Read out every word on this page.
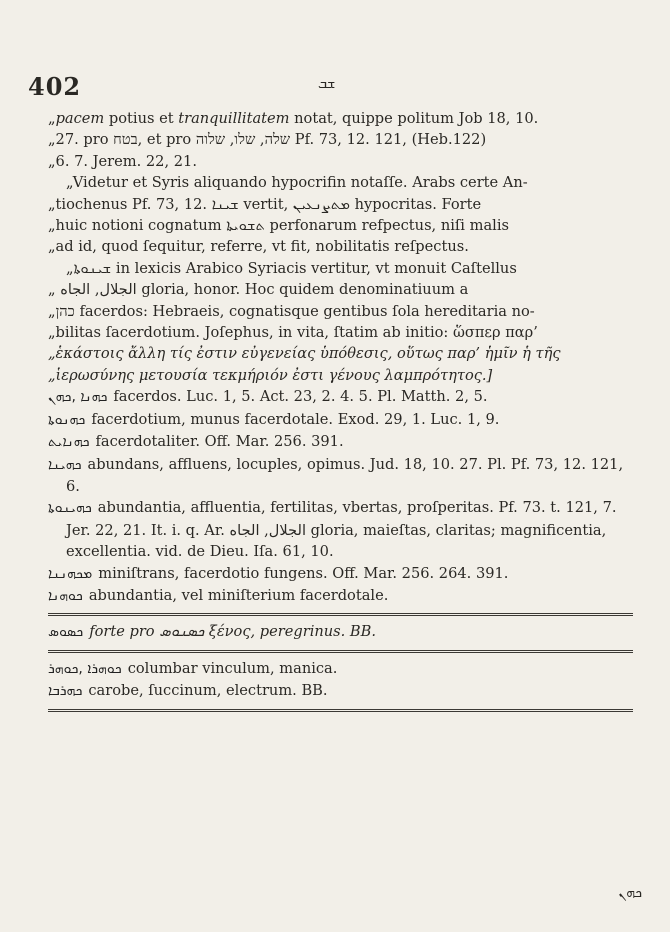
402	ܫܒ

„pacem potius et tranquillitatem notat, quippe politum Job 18, 10.

„27. pro בטח, et pro שלה, שלו, שלוה Pf. 73, 12. 121, (Heb.122)

„6. 7. Jerem. 22, 21.

„Videtur et Syris aliquando hypocrifin notaſſe. Arabs certe An-

„tiochenus Pf. 73, 12. ܫܝܢܐ vertit, ܡܬܨܢܥܝܢ hypocritas. Forte

„huic notioni cognatum ܬܫܘܝܬܐ perfonarum refpectus, niſi malis

„ad id, quod ſequitur, referre, vt fit, nobilitatis reſpectus.

„ܫܝܢܘܬܐ in lexicis Arabico Syriacis vertitur, vt monuit Caſtellus

„ الجلال, الجاه gloria, honor. Hoc quidem denominatiuum a

„כהן facerdos: Hebraeis, cognatisque gentibus ſola hereditaria no-

„bilitas ſacerdotium. Joſephus, in vita, ſtatim ab initio: ὥσπερ παρ’

„ἑκάστοις ἄλλη τίς ἐστιν εὐγενείας ὑπόθεσις, οὕτως παρ’ ἡμῖν ἡ τῆς

„ἱερωσύνης μετουσία τεκμήριόν ἐστι γένους λαμπρότητος.]

ܟܗܢܐ ,ܟܗܢ facerdos. Luc. 1, 5. Act. 23, 2. 4. 5. Pl. Matth. 2, 5.

ܟܗܢܘܬܐ facerdotium, munus facerdotale. Exod. 29, 1. Luc. 1, 9.

ܟܗܢܐܝܬ facerdotaliter. Off. Mar. 256. 391.

ܟܗܝܢܐ abundans, affluens, locuples, opimus. Jud. 18, 10. 27. Pl. Pf. 73, 12. 121, 6.

ܟܗܝܢܘܬܐ abundantia, affluentia, fertilitas, vbertas, proſperitas. Pf. 73. t. 121, 7. Jer. 22, 21. It. i. q. Ar. الجلال, الجاه gloria, maieſtas, claritas; magnificentia, excellentia. vid. de Dieu. Iſa. 61, 10.

ܡܟܗܢܢܐ miniſtrans, facerdotio fungens. Off. Mar. 256. 264. 391.

ܟܘܗܢܐ abundantia, vel miniſterium facerdotale.

ܟܣܘܣ forte pro ܟܣܢܘܣ ξένος, peregrinus. BB.

ܟܘܗܪܐ ,ܟܘܗܪ columbar vinculum, manica.

ܟܗܪܒܐ carobe, ſuccinum, electrum. BB.

ܟܗܢ
